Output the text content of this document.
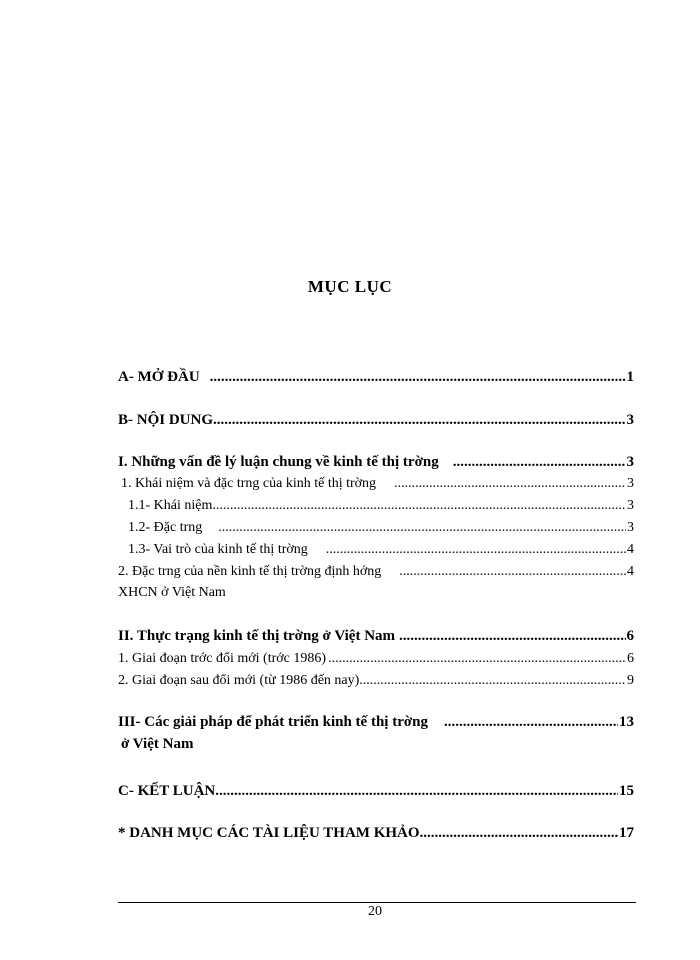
MỤC LỤC
A- MỞ ĐẦU .....	1
B- NỘI DUNG .....	3
I. Những vấn đề lý luận chung về kinh tế thị trờng .....	3
1. Khái niệm và đặc trng của kinh tế thị trờng .....	3
1.1- Khái niệm .....	3
1.2- Đặc trng .....	3
1.3- Vai trò của kinh tế thị trờng .....	4
2. Đặc trng của nền kinh tế thị trờng định hớng .....	4
XHCN ở Việt Nam
II. Thực trạng kinh tế thị trờng ở Việt Nam .....	6
1. Giai đoạn trớc đổi mới (trớc 1986) .....	6
2. Giai đoạn sau đổi mới (từ 1986 đến nay) .....	9
III- Các giải pháp để phát triển kinh tế thị trờng .....	13
ở Việt Nam
C- KẾT LUẬN .....	15
* DANH MỤC CÁC TÀI LIỆU THAM KHẢO .....	17
20
